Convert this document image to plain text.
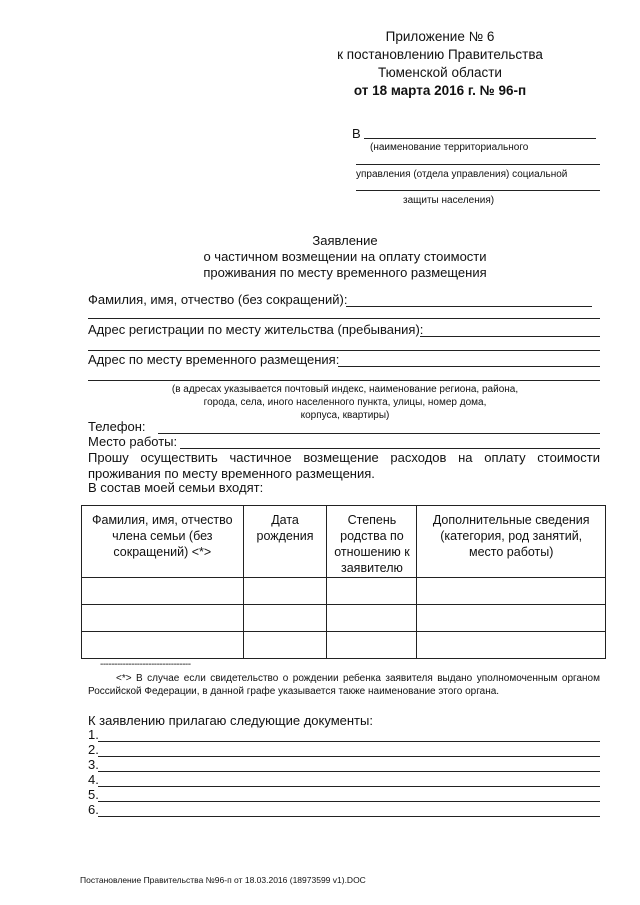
Приложение № 6
к постановлению Правительства
Тюменской области
от 18 марта 2016 г. № 96-п
В
(наименование территориального
управления (отдела управления) социальной
защиты населения)
Заявление
о частичном возмещении на оплату стоимости
проживания по месту временного размещения
Фамилия, имя, отчество (без сокращений):
Адрес регистрации по месту жительства (пребывания):
Адрес по месту временного размещения:
(в адресах указывается почтовый индекс, наименование региона, района,
города, села, иного населенного пункта, улицы, номер дома,
корпуса, квартиры)
Телефон:
Место работы:
Прошу осуществить частичное возмещение расходов на оплату стоимости проживания по месту временного размещения.
В состав моей семьи входят:
Фамилия, имя, отчество члена семьи (без сокращений) <*>	Дата рождения	Степень родства по отношению к заявителю	Дополнительные сведения (категория, род занятий, место работы)

--------------------------------
<*> В случае если свидетельство о рождении ребенка заявителя выдано уполномоченным органом Российской Федерации, в данной графе указывается также наименование этого органа.
К заявлению прилагаю следующие документы:
1.
2.
3.
4.
5.
6.
Постановление Правительства №96-п от 18.03.2016 (18973599 v1).DOC
